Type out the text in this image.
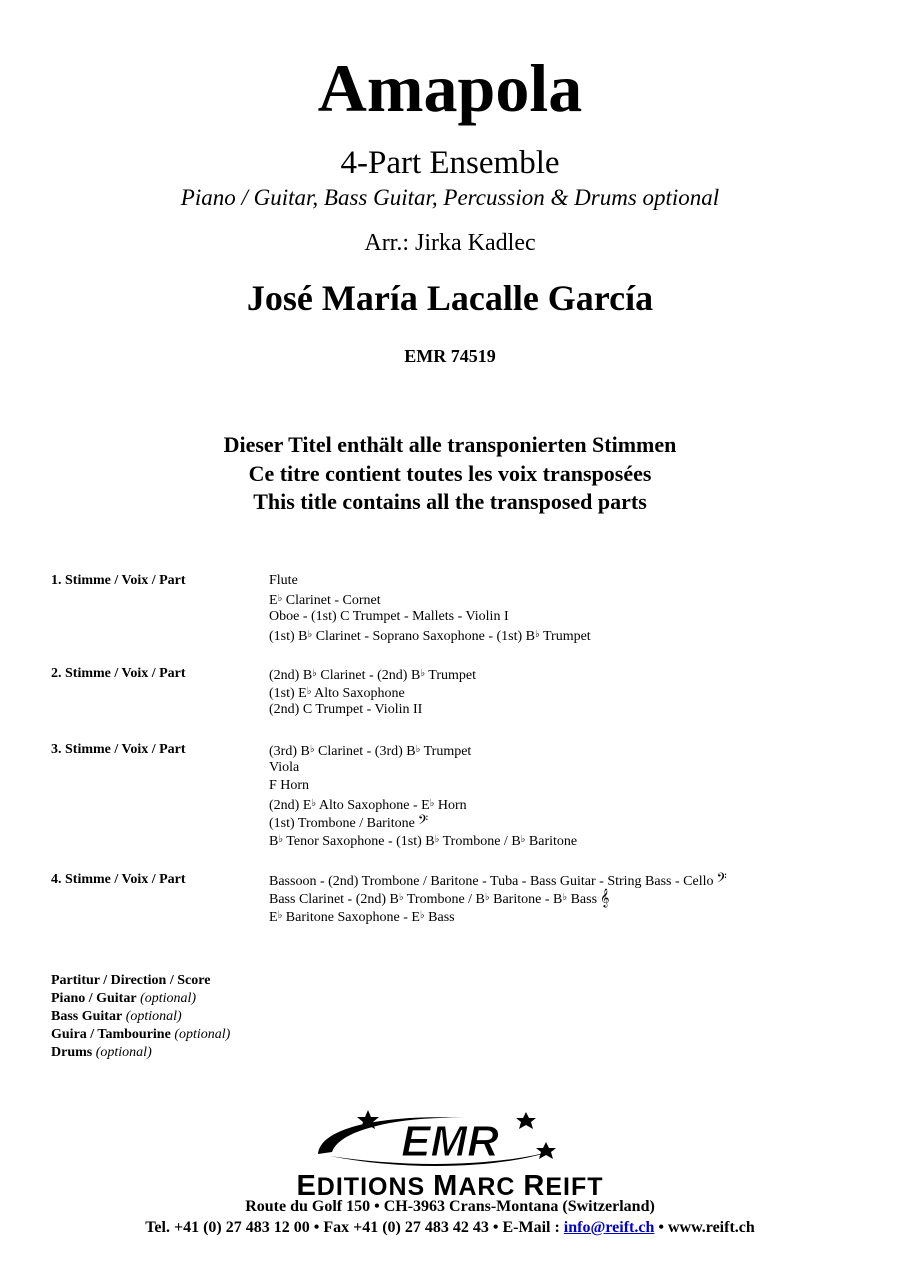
Amapola
4-Part Ensemble
Piano / Guitar, Bass Guitar, Percussion & Drums optional
Arr.: Jirka Kadlec
José María Lacalle García
EMR 74519
Dieser Titel enthält alle transponierten Stimmen
Ce titre contient toutes les voix transposées
This title contains all the transposed parts
1. Stimme / Voix / Part	Flute
E♭ Clarinet - Cornet
Oboe - (1st) C Trumpet - Mallets - Violin I
(1st) B♭ Clarinet - Soprano Saxophone - (1st) B♭ Trumpet
2. Stimme / Voix / Part	(2nd) B♭ Clarinet - (2nd) B♭ Trumpet
(1st) E♭ Alto Saxophone
(2nd) C Trumpet - Violin II
3. Stimme / Voix / Part	(3rd) B♭ Clarinet - (3rd) B♭ Trumpet
Viola
F Horn
(2nd) E♭ Alto Saxophone - E♭ Horn
(1st) Trombone / Baritone 𝄢
B♭ Tenor Saxophone - (1st) B♭ Trombone / B♭ Baritone
4. Stimme / Voix / Part	Bassoon - (2nd) Trombone / Baritone - Tuba - Bass Guitar - String Bass - Cello 𝄢
Bass Clarinet - (2nd) B♭ Trombone / B♭ Baritone - B♭ Bass 𝄞
E♭ Baritone Saxophone - E♭ Bass
Partitur / Direction / Score
Piano / Guitar (optional)
Bass Guitar (optional)
Guira / Tambourine (optional)
Drums (optional)
EMR
EDITIONS MARC REIFT
Route du Golf 150 • CH-3963 Crans-Montana (Switzerland)
Tel. +41 (0) 27 483 12 00 • Fax +41 (0) 27 483 42 43 • E-Mail : info@reift.ch • www.reift.ch
